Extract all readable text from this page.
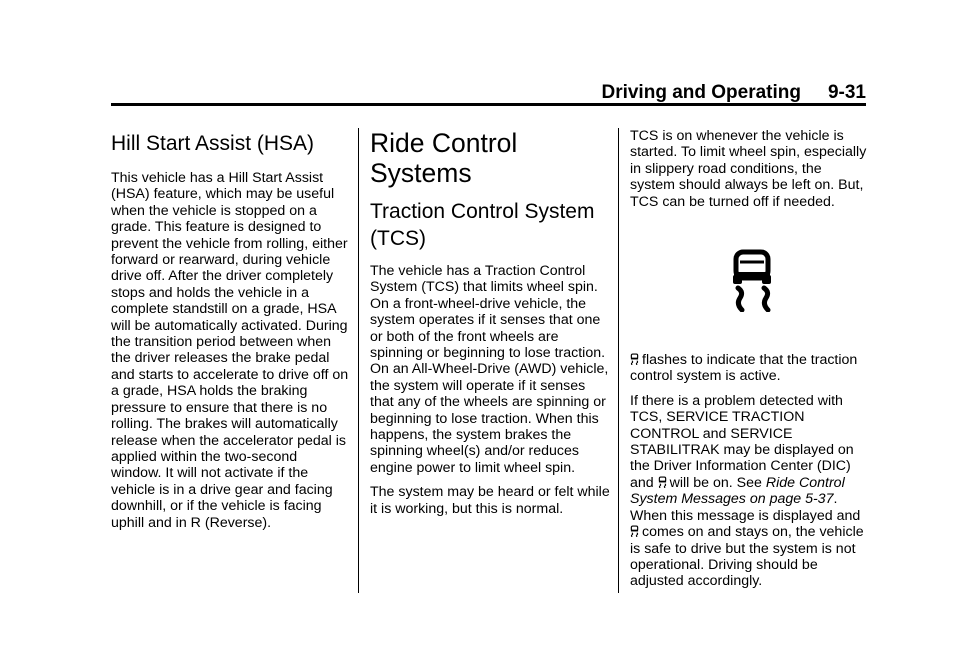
Driving and Operating 9-31
Hill Start Assist (HSA)

This vehicle has a Hill Start Assist (HSA) feature, which may be useful when the vehicle is stopped on a grade. This feature is designed to prevent the vehicle from rolling, either forward or rearward, during vehicle drive off. After the driver completely stops and holds the vehicle in a complete standstill on a grade, HSA will be automatically activated. During the transition period between when the driver releases the brake pedal and starts to accelerate to drive off on a grade, HSA holds the braking pressure to ensure that there is no rolling. The brakes will automatically release when the accelerator pedal is applied within the two-second window. It will not activate if the vehicle is in a drive gear and facing downhill, or if the vehicle is facing uphill and in R (Reverse).

Ride Control Systems
Traction Control System (TCS)

The vehicle has a Traction Control System (TCS) that limits wheel spin. On a front-wheel-drive vehicle, the system operates if it senses that one or both of the front wheels are spinning or beginning to lose traction. On an All-Wheel-Drive (AWD) vehicle, the system will operate if it senses that any of the wheels are spinning or beginning to lose traction. When this happens, the system brakes the spinning wheel(s) and/or reduces engine power to limit wheel spin.

The system may be heard or felt while it is working, but this is normal.

TCS is on whenever the vehicle is started. To limit wheel spin, especially in slippery road conditions, the system should always be left on. But, TCS can be turned off if needed.

flashes to indicate that the traction control system is active.

If there is a problem detected with TCS, SERVICE TRACTION CONTROL and SERVICE STABILITRAK may be displayed on the Driver Information Center (DIC) and will be on. See Ride Control System Messages on page 5-37. When this message is displayed and comes on and stays on, the vehicle is safe to drive but the system is not operational. Driving should be adjusted accordingly.
